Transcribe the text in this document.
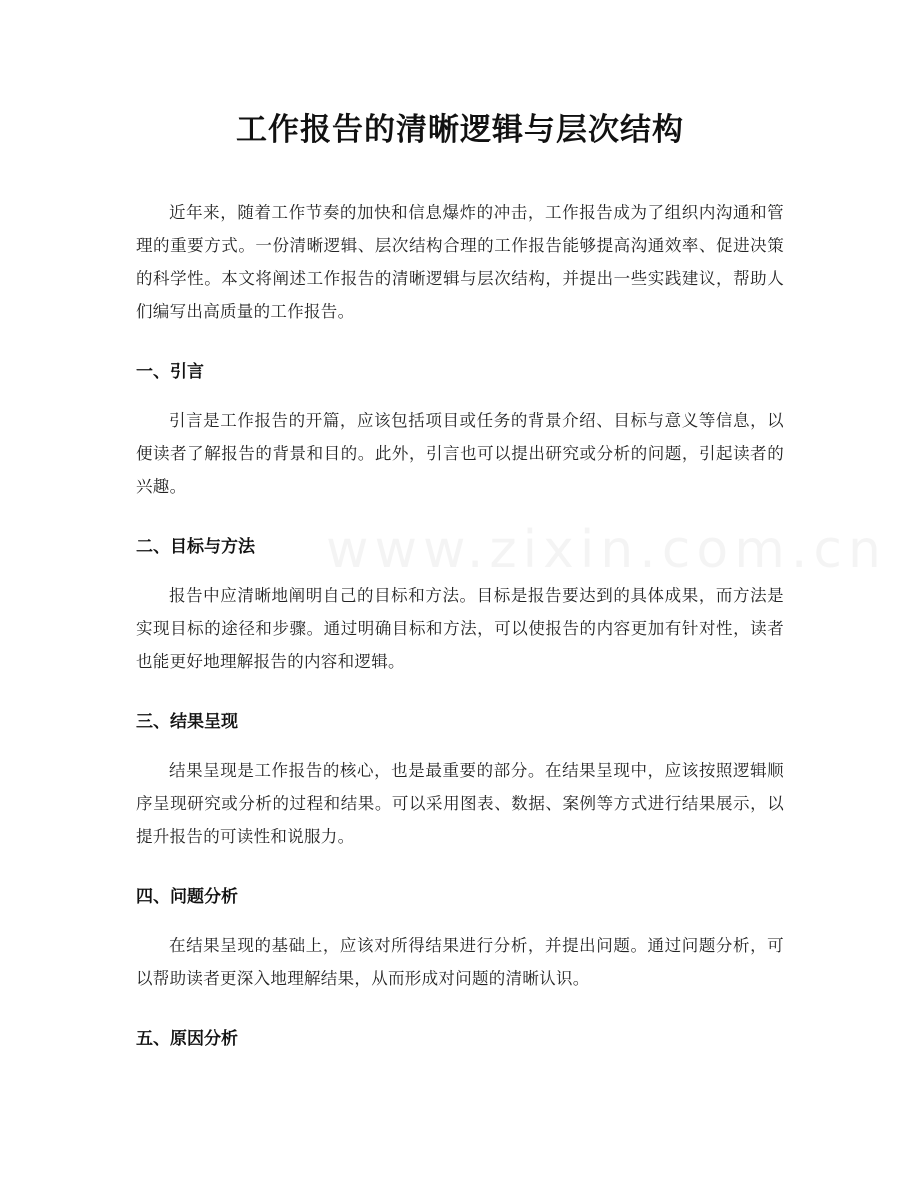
工作报告的清晰逻辑与层次结构

近年来，随着工作节奏的加快和信息爆炸的冲击，工作报告成为了组织内沟通和管理的重要方式。一份清晰逻辑、层次结构合理的工作报告能够提高沟通效率、促进决策的科学性。本文将阐述工作报告的清晰逻辑与层次结构，并提出一些实践建议，帮助人们编写出高质量的工作报告。

一、引言

引言是工作报告的开篇，应该包括项目或任务的背景介绍、目标与意义等信息，以便读者了解报告的背景和目的。此外，引言也可以提出研究或分析的问题，引起读者的兴趣。

二、目标与方法

报告中应清晰地阐明自己的目标和方法。目标是报告要达到的具体成果，而方法是实现目标的途径和步骤。通过明确目标和方法，可以使报告的内容更加有针对性，读者也能更好地理解报告的内容和逻辑。

三、结果呈现

结果呈现是工作报告的核心，也是最重要的部分。在结果呈现中，应该按照逻辑顺序呈现研究或分析的过程和结果。可以采用图表、数据、案例等方式进行结果展示，以提升报告的可读性和说服力。

四、问题分析

在结果呈现的基础上，应该对所得结果进行分析，并提出问题。通过问题分析，可以帮助读者更深入地理解结果，从而形成对问题的清晰认识。

五、原因分析
